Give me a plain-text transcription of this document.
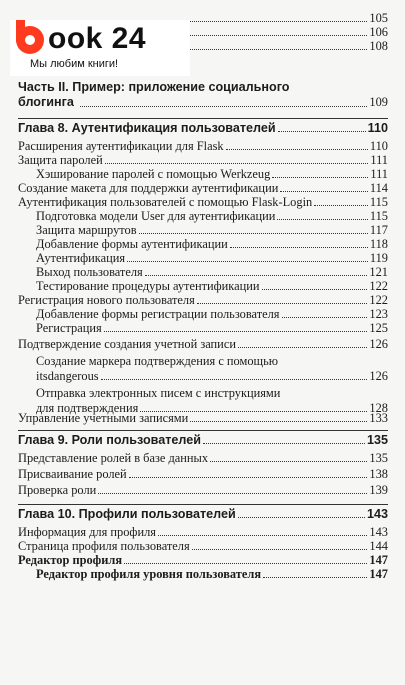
105
106
108
ook 24
Мы любим книги!
Часть II. Пример: приложение социального блогинга	109
Глава 8. Аутентификация пользователей	110
Расширения аутентификации для Flask	110
Защита паролей	111
Хэширование паролей с помощью Werkzeug	111
Создание макета для поддержки аутентификации	114
Аутентификация пользователей с помощью Flask-Login	115
Подготовка модели User для аутентификации	115
Защита маршрутов	117
Добавление формы аутентификации	118
Аутентификация	119
Выход пользователя	121
Тестирование процедуры аутентификации	122
Регистрация нового пользователя	122
Добавление формы регистрации пользователя	123
Регистрация	125
Подтверждение создания учетной записи	126
Создание маркера подтверждения с помощью
itsdangerous	126
Отправка электронных писем с инструкциями
для подтверждения	128
Управление учетными записями	133
Глава 9. Роли пользователей	135
Представление ролей в базе данных	135
Присваивание ролей	138
Проверка роли	139
Глава 10. Профили пользователей	143
Информация для профиля	143
Страница профиля пользователя	144
Редактор профиля	147
Редактор профиля уровня пользователя	147
